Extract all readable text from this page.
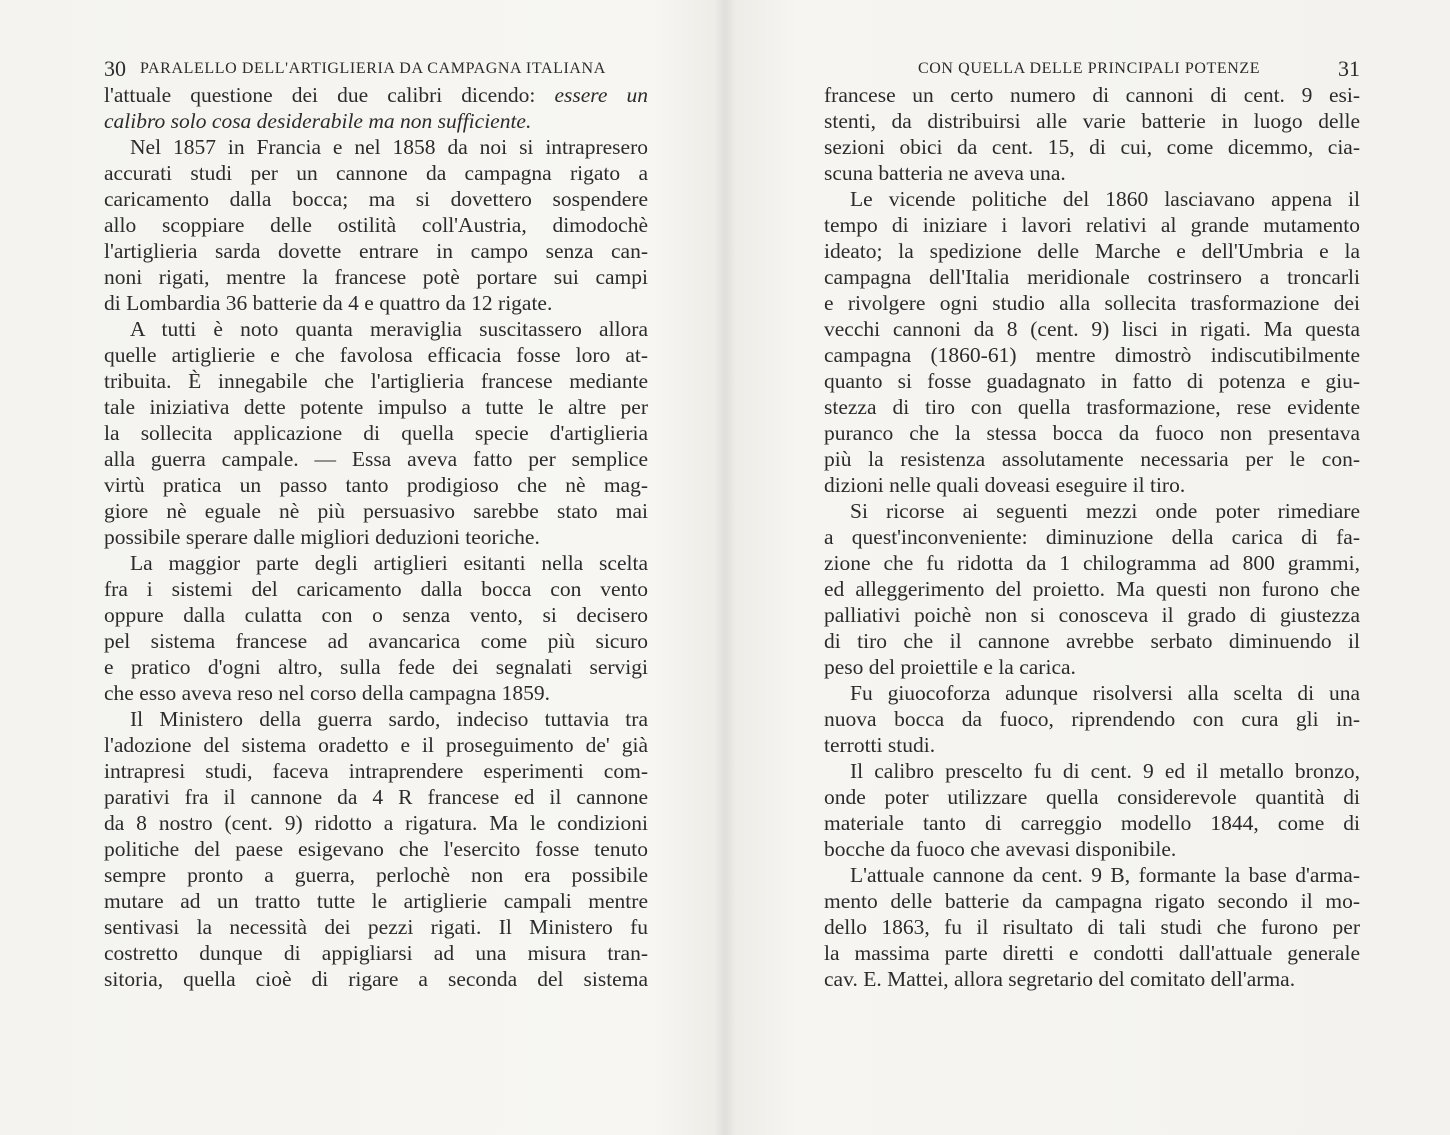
30 PARALELLO DELL'ARTIGLIERIA DA CAMPAGNA ITALIANA
l'attuale questione dei due calibri dicendo: essere un
calibro solo cosa desiderabile ma non sufficiente.
Nel 1857 in Francia e nel 1858 da noi si intrapresero
accurati studi per un cannone da campagna rigato a
caricamento dalla bocca; ma si dovettero sospendere
allo scoppiare delle ostilità coll'Austria, dimodochè
l'artiglieria sarda dovette entrare in campo senza can-
noni rigati, mentre la francese potè portare sui campi
di Lombardia 36 batterie da 4 e quattro da 12 rigate.
A tutti è noto quanta meraviglia suscitassero allora
quelle artiglierie e che favolosa efficacia fosse loro at-
tribuita. È innegabile che l'artiglieria francese mediante
tale iniziativa dette potente impulso a tutte le altre per
la sollecita applicazione di quella specie d'artiglieria
alla guerra campale. — Essa aveva fatto per semplice
virtù pratica un passo tanto prodigioso che nè mag-
giore nè eguale nè più persuasivo sarebbe stato mai
possibile sperare dalle migliori deduzioni teoriche.
La maggior parte degli artiglieri esitanti nella scelta
fra i sistemi del caricamento dalla bocca con vento
oppure dalla culatta con o senza vento, si decisero
pel sistema francese ad avancarica come più sicuro
e pratico d'ogni altro, sulla fede dei segnalati servigi
che esso aveva reso nel corso della campagna 1859.
Il Ministero della guerra sardo, indeciso tuttavia tra
l'adozione del sistema oradetto e il proseguimento de' già
intrapresi studi, faceva intraprendere esperimenti com-
parativi fra il cannone da 4 R francese ed il cannone
da 8 nostro (cent. 9) ridotto a rigatura. Ma le condizioni
politiche del paese esigevano che l'esercito fosse tenuto
sempre pronto a guerra, perlochè non era possibile
mutare ad un tratto tutte le artiglierie campali mentre
sentivasi la necessità dei pezzi rigati. Il Ministero fu
costretto dunque di appigliarsi ad una misura tran-
sitoria, quella cioè di rigare a seconda del sistema
CON QUELLA DELLE PRINCIPALI POTENZE	31
francese un certo numero di cannoni di cent. 9 esi-
stenti, da distribuirsi alle varie batterie in luogo delle
sezioni obici da cent. 15, di cui, come dicemmo, cia-
scuna batteria ne aveva una.
Le vicende politiche del 1860 lasciavano appena il
tempo di iniziare i lavori relativi al grande mutamento
ideato; la spedizione delle Marche e dell'Umbria e la
campagna dell'Italia meridionale costrinsero a troncarli
e rivolgere ogni studio alla sollecita trasformazione dei
vecchi cannoni da 8 (cent. 9) lisci in rigati. Ma questa
campagna (1860-61) mentre dimostrò indiscutibilmente
quanto si fosse guadagnato in fatto di potenza e giu-
stezza di tiro con quella trasformazione, rese evidente
puranco che la stessa bocca da fuoco non presentava
più la resistenza assolutamente necessaria per le con-
dizioni nelle quali doveasi eseguire il tiro.
Si ricorse ai seguenti mezzi onde poter rimediare
a quest'inconveniente: diminuzione della carica di fa-
zione che fu ridotta da 1 chilogramma ad 800 grammi,
ed alleggerimento del proietto. Ma questi non furono che
palliativi poichè non si conosceva il grado di giustezza
di tiro che il cannone avrebbe serbato diminuendo il
peso del proiettile e la carica.
Fu giuocoforza adunque risolversi alla scelta di una
nuova bocca da fuoco, riprendendo con cura gli in-
terrotti studi.
Il calibro prescelto fu di cent. 9 ed il metallo bronzo,
onde poter utilizzare quella considerevole quantità di
materiale tanto di carreggio modello 1844, come di
bocche da fuoco che avevasi disponibile.
L'attuale cannone da cent. 9 B, formante la base d'arma-
mento delle batterie da campagna rigato secondo il mo-
dello 1863, fu il risultato di tali studi che furono per
la massima parte diretti e condotti dall'attuale generale
cav. E. Mattei, allora segretario del comitato dell'arma.
